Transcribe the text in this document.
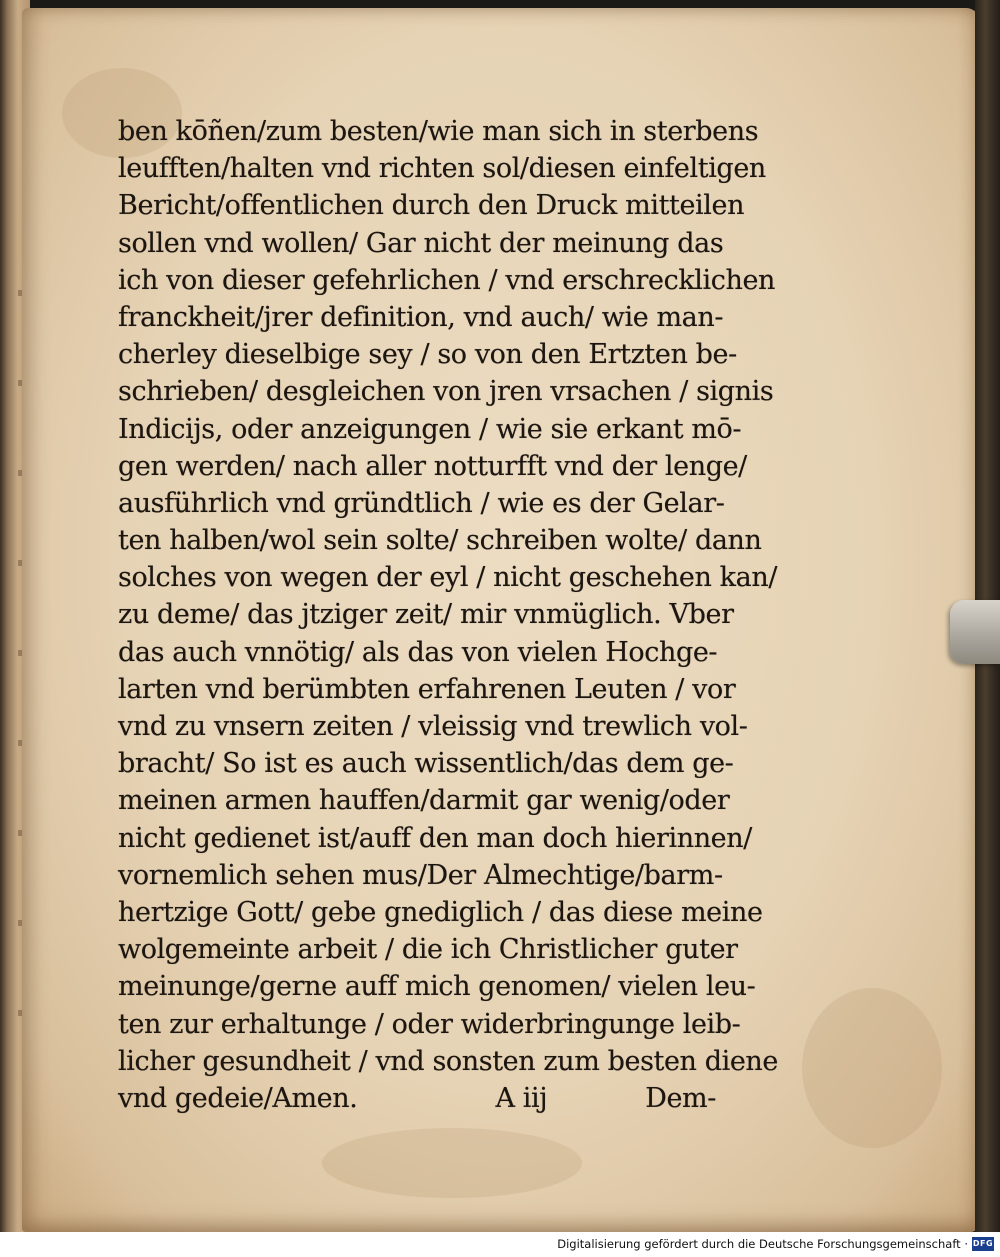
ben kōñen/zum besten/wie man sich in sterbens
leufften/halten vnd richten sol/diesen einfeltigen
Bericht/offentlichen durch den Druck mitteilen
sollen vnd wollen/ Gar nicht der meinung das
ich von dieser gefehrlichen / vnd erschrecklichen
franckheit/jrer definition, vnd auch/ wie man-
cherley dieselbige sey / so von den Ertzten be-
schrieben/ desgleichen von jren vrsachen / signis
Indicijs, oder anzeigungen / wie sie erkant mō-
gen werden/ nach aller notturfft vnd der lenge/
ausführlich vnd gründtlich / wie es der Gelar-
ten halben/wol sein solte/ schreiben wolte/ dann
solches von wegen der eyl / nicht geschehen kan/
zu deme/ das jtziger zeit/ mir vnmüglich. Vber
das auch vnnötig/ als das von vielen Hochge-
larten vnd berümbten erfahrenen Leuten / vor
vnd zu vnsern zeiten / vleissig vnd trewlich vol-
bracht/ So ist es auch wissentlich/das dem ge-
meinen armen hauffen/darmit gar wenig/oder
nicht gedienet ist/auff den man doch hierinnen/
vornemlich sehen mus/Der Almechtige/barm-
hertzige Gott/ gebe gnediglich / das diese meine
wolgemeinte arbeit / die ich Christlicher guter
meinunge/gerne auff mich genomen/ vielen leu-
ten zur erhaltunge / oder widerbringunge leib-
licher gesundheit / vnd sonsten zum besten diene
vnd gedeie/Amen.	A iij	Dem-
Digitalisierung gefördert durch die Deutsche Forschungsgemeinschaft · DFG
